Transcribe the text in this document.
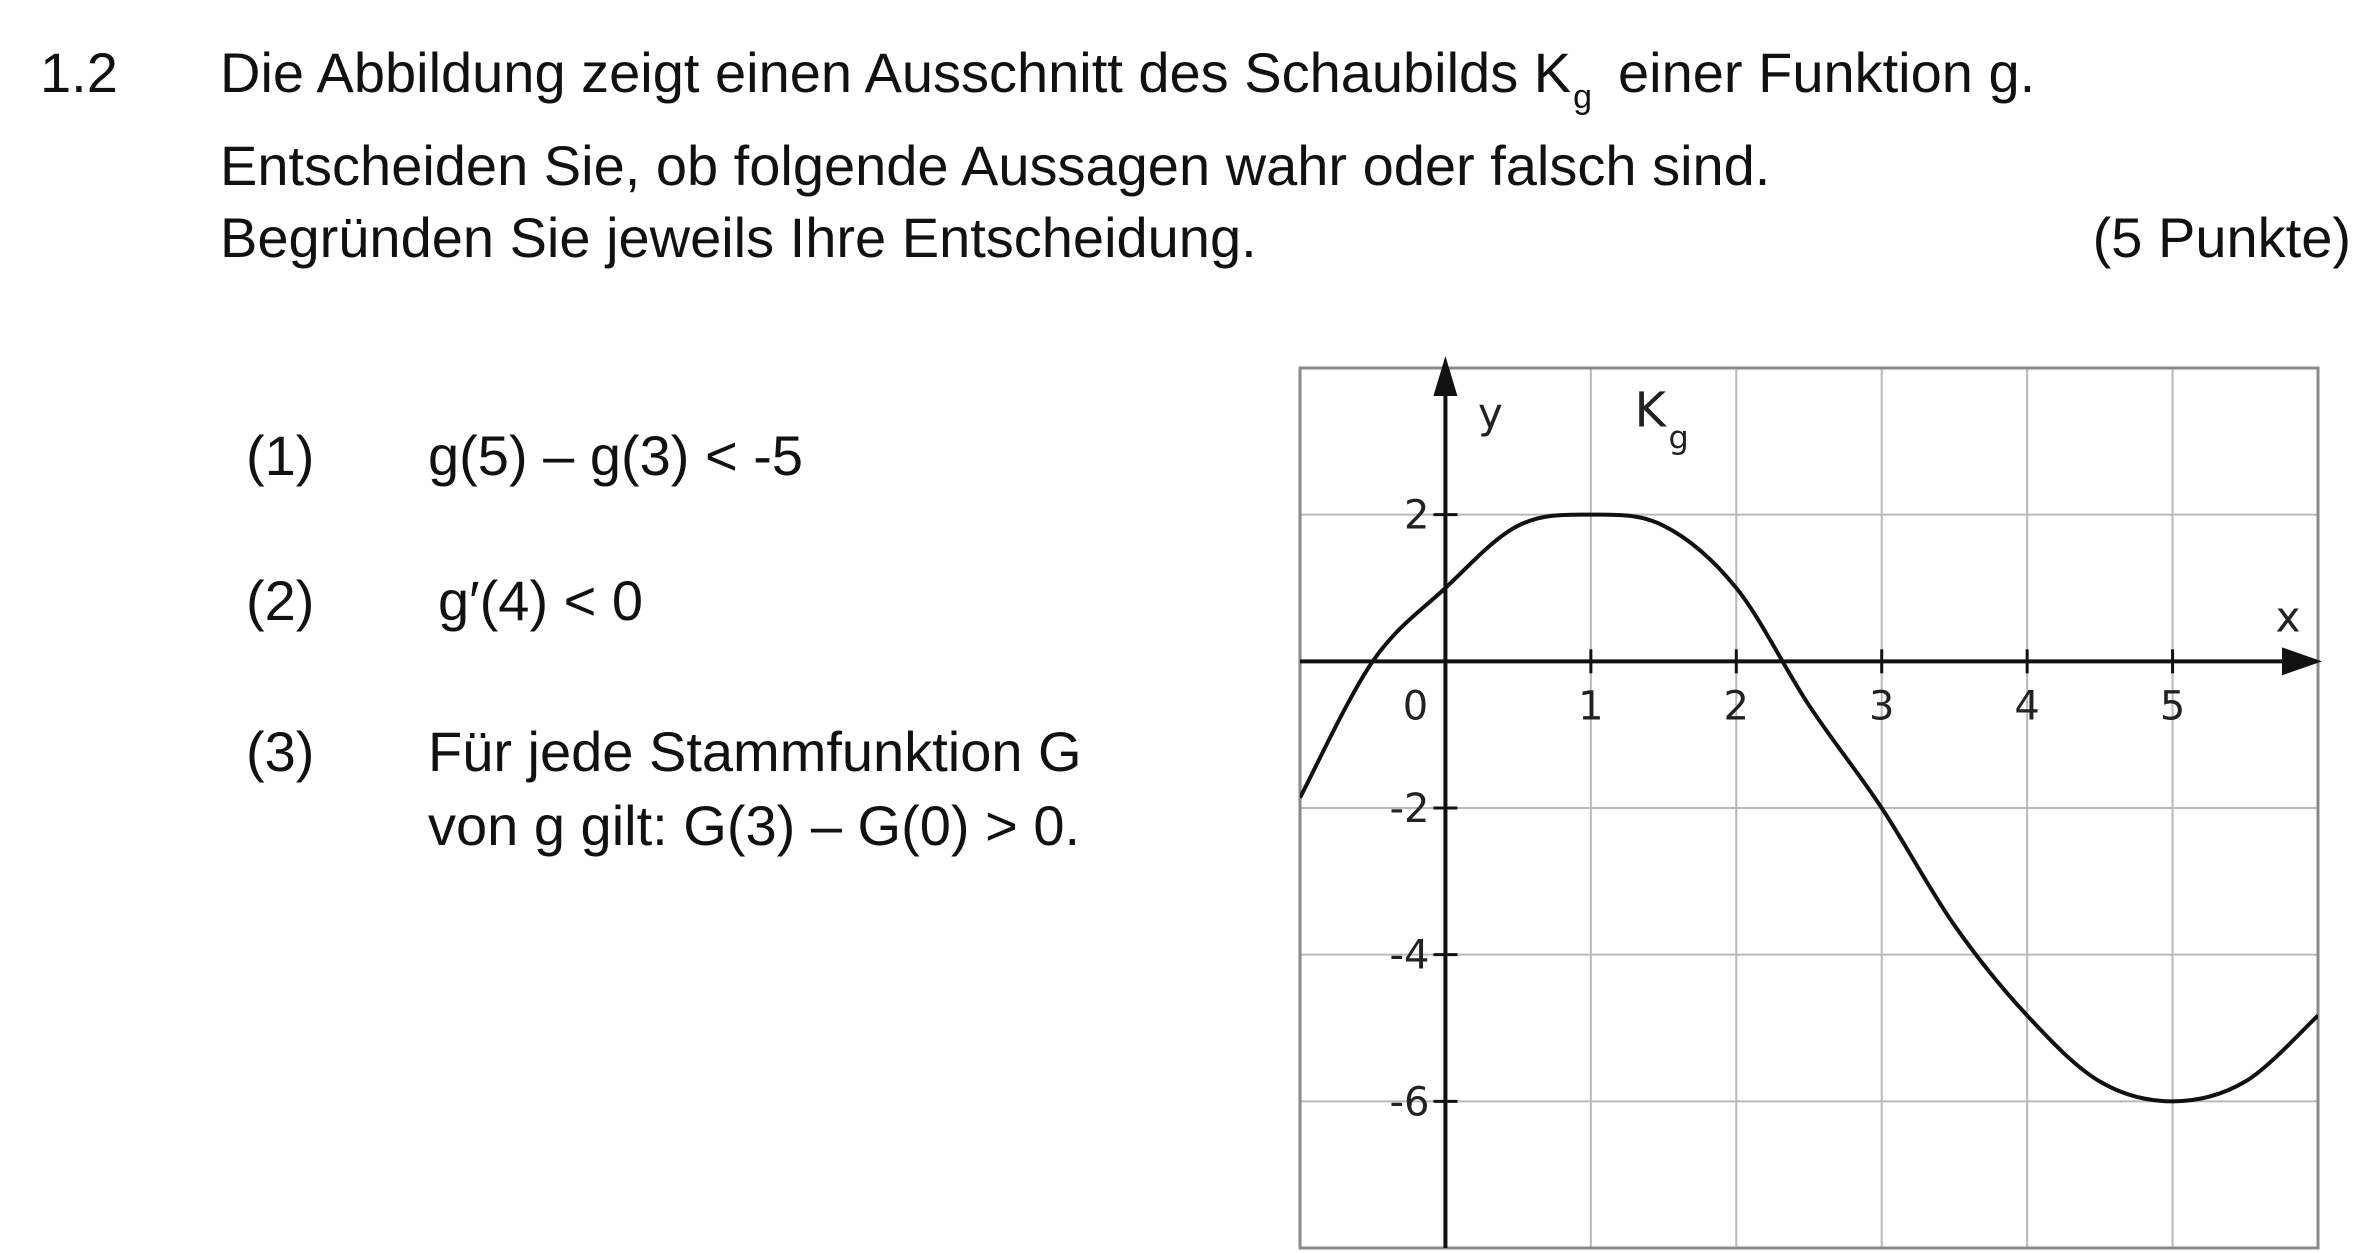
1.2 Die Abbildung zeigt einen Ausschnitt des Schaubilds $K_g$ einer Funktion g.
Entscheiden Sie, ob folgende Aussagen wahr oder falsch sind.
Begründen Sie jeweils Ihre Entscheidung.	(5 Punkte)
(1) g(5) – g(3) < -5
(2) g′(4) < 0
(3) Für jede Stammfunktion G
von g gilt: G(3) – G(0) > 0.
0	1	2	3	4	5
2
-2
-4
-6
x
y	K g
